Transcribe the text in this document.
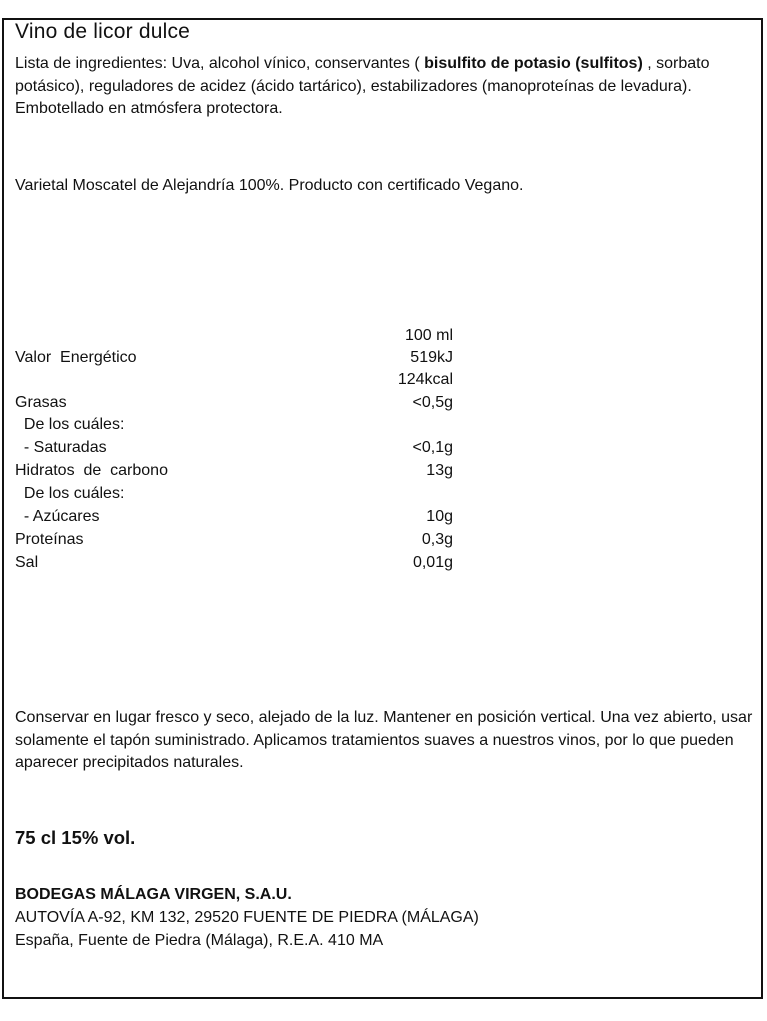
Vino de licor dulce

Lista de ingredientes: Uva, alcohol vínico, conservantes ( bisulfito de potasio (sulfitos) , sorbato potásico), reguladores de acidez (ácido tartárico), estabilizadores (manoproteínas de levadura). Embotellado en atmósfera protectora.

Varietal Moscatel de Alejandría 100%. Producto con certificado Vegano.

100 ml
Valor  Energético	519kJ
124kcal
Grasas	<0,5g
De los cuáles:
- Saturadas	<0,1g
Hidratos  de  carbono	13g
De los cuáles:
- Azúcares	10g
Proteínas	0,3g
Sal	0,01g

Conservar en lugar fresco y seco, alejado de la luz. Mantener en posición vertical. Una vez abierto, usar solamente el tapón suministrado. Aplicamos tratamientos suaves a nuestros vinos, por lo que pueden aparecer precipitados naturales.

75 cl 15% vol.
BODEGAS MÁLAGA VIRGEN, S.A.U.
AUTOVÍA A-92, KM 132, 29520 FUENTE DE PIEDRA (MÁLAGA)
España, Fuente de Piedra (Málaga), R.E.A. 410 MA
